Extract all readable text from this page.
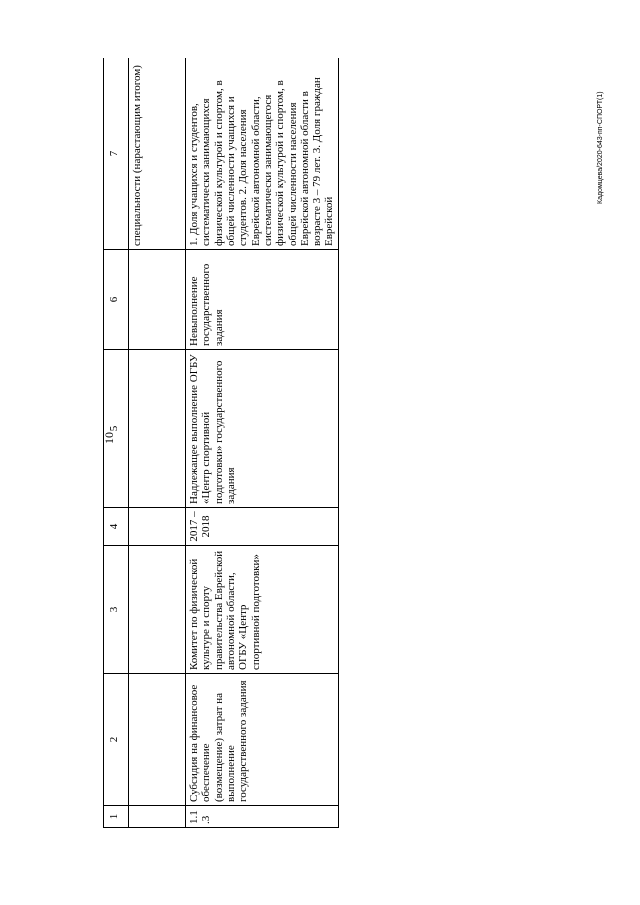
10
1	2	3	4	5	6	7
						специальности (нарастающим итогом)
1.1.3	Субсидия на финансовое обеспечение (возмещение) затрат на выполнение государственного задания	Комитет по физической культуре и спорту правительства Еврейской автономной области, ОГБУ «Центр спортивной подготовки»	2017 – 2018	Надлежащее выполнение ОГБУ «Центр спортивной подготовки» государственного задания	Невыполнение государственного задания	1. Доля учащихся и студентов, систематически занимающихся физической культурой и спортом, в общей численности учащихся и студентов. 2. Доля населения Еврейской автономной области, систематически занимающегося физической культурой и спортом, в общей численности населения Еврейской автономной области в возрасте 3 – 79 лет. 3. Доля граждан Еврейской
Кадомцева/2020-643-пп-СПОРТ(1)
